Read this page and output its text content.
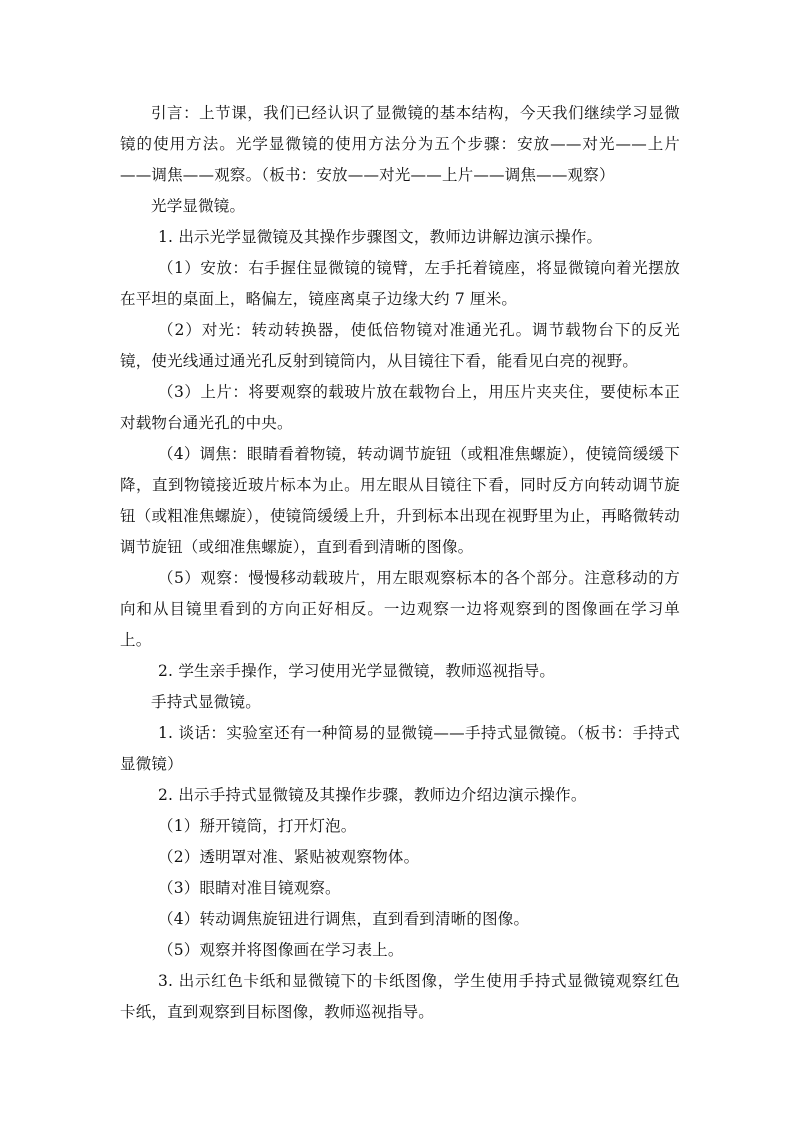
引言：上节课，我们已经认识了显微镜的基本结构，今天我们继续学习显微镜的使用方法。光学显微镜的使用方法分为五个步骤：安放——对光——上片——调焦——观察。（板书：安放——对光——上片——调焦——观察）

光学显微镜。

1. 出示光学显微镜及其操作步骤图文，教师边讲解边演示操作。

（1）安放：右手握住显微镜的镜臂，左手托着镜座，将显微镜向着光摆放在平坦的桌面上，略偏左，镜座离桌子边缘大约 7 厘米。

（2）对光：转动转换器，使低倍物镜对准通光孔。调节载物台下的反光镜，使光线通过通光孔反射到镜筒内，从目镜往下看，能看见白亮的视野。

（3）上片：将要观察的载玻片放在载物台上，用压片夹夹住，要使标本正对载物台通光孔的中央。

（4）调焦：眼睛看着物镜，转动调节旋钮（或粗准焦螺旋），使镜筒缓缓下降，直到物镜接近玻片标本为止。用左眼从目镜往下看，同时反方向转动调节旋钮（或粗准焦螺旋），使镜筒缓缓上升，升到标本出现在视野里为止，再略微转动调节旋钮（或细准焦螺旋），直到看到清晰的图像。

（5）观察：慢慢移动载玻片，用左眼观察标本的各个部分。注意移动的方向和从目镜里看到的方向正好相反。一边观察一边将观察到的图像画在学习单上。

2. 学生亲手操作，学习使用光学显微镜，教师巡视指导。

手持式显微镜。

1. 谈话：实验室还有一种简易的显微镜——手持式显微镜。（板书：手持式显微镜）

2. 出示手持式显微镜及其操作步骤，教师边介绍边演示操作。

（1）掰开镜筒，打开灯泡。

（2）透明罩对准、紧贴被观察物体。

（3）眼睛对准目镜观察。

（4）转动调焦旋钮进行调焦，直到看到清晰的图像。

（5）观察并将图像画在学习表上。

3. 出示红色卡纸和显微镜下的卡纸图像，学生使用手持式显微镜观察红色卡纸，直到观察到目标图像，教师巡视指导。
